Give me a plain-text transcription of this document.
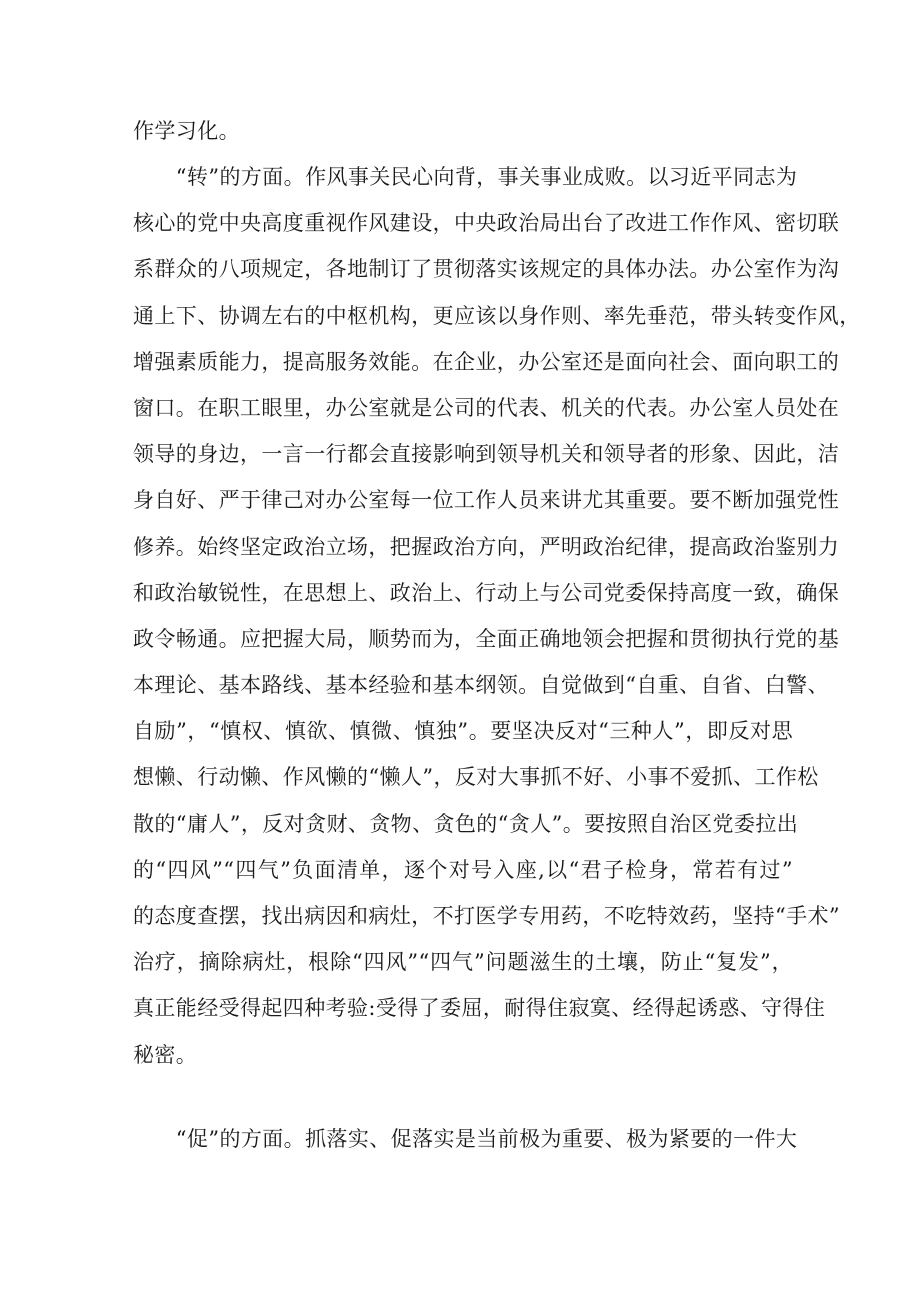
作学习化。
　　“转”的方面。作风事关民心向背，事关事业成败。以习近平同志为
核心的党中央高度重视作风建设，中央政治局出台了改进工作作风、密切联
系群众的八项规定，各地制订了贯彻落实该规定的具体办法。办公室作为沟
通上下、协调左右的中枢机构，更应该以身作则、率先垂范，带头转变作风，
增强素质能力，提高服务效能。在企业，办公室还是面向社会、面向职工的
窗口。在职工眼里，办公室就是公司的代表、机关的代表。办公室人员处在
领导的身边，一言一行都会直接影响到领导机关和领导者的形象、因此，洁
身自好、严于律己对办公室每一位工作人员来讲尤其重要。要不断加强党性
修养。始终坚定政治立场，把握政治方向，严明政治纪律，提高政治鉴别力
和政治敏锐性，在思想上、政治上、行动上与公司党委保持高度一致，确保
政令畅通。应把握大局，顺势而为，全面正确地领会把握和贯彻执行党的基
本理论、基本路线、基本经验和基本纲领。自觉做到“自重、自省、白警、
自励”，“慎权、慎欲、慎微、慎独”。要坚决反对“三种人”，即反对思
想懒、行动懒、作风懒的“懒人”，反对大事抓不好、小事不爱抓、工作松
散的“庸人”，反对贪财、贪物、贪色的“贪人”。要按照自治区党委拉出
的“四风”“四气”负面清单，逐个对号入座,以“君子检身，常若有过”
的态度查摆，找出病因和病灶，不打医学专用药，不吃特效药，坚持“手术”
治疗，摘除病灶，根除“四风”“四气”问题滋生的土壤，防止“复发”，
真正能经受得起四种考验:受得了委屈，耐得住寂寞、经得起诱惑、守得住
秘密。
　　“促”的方面。抓落实、促落实是当前极为重要、极为紧要的一件大
